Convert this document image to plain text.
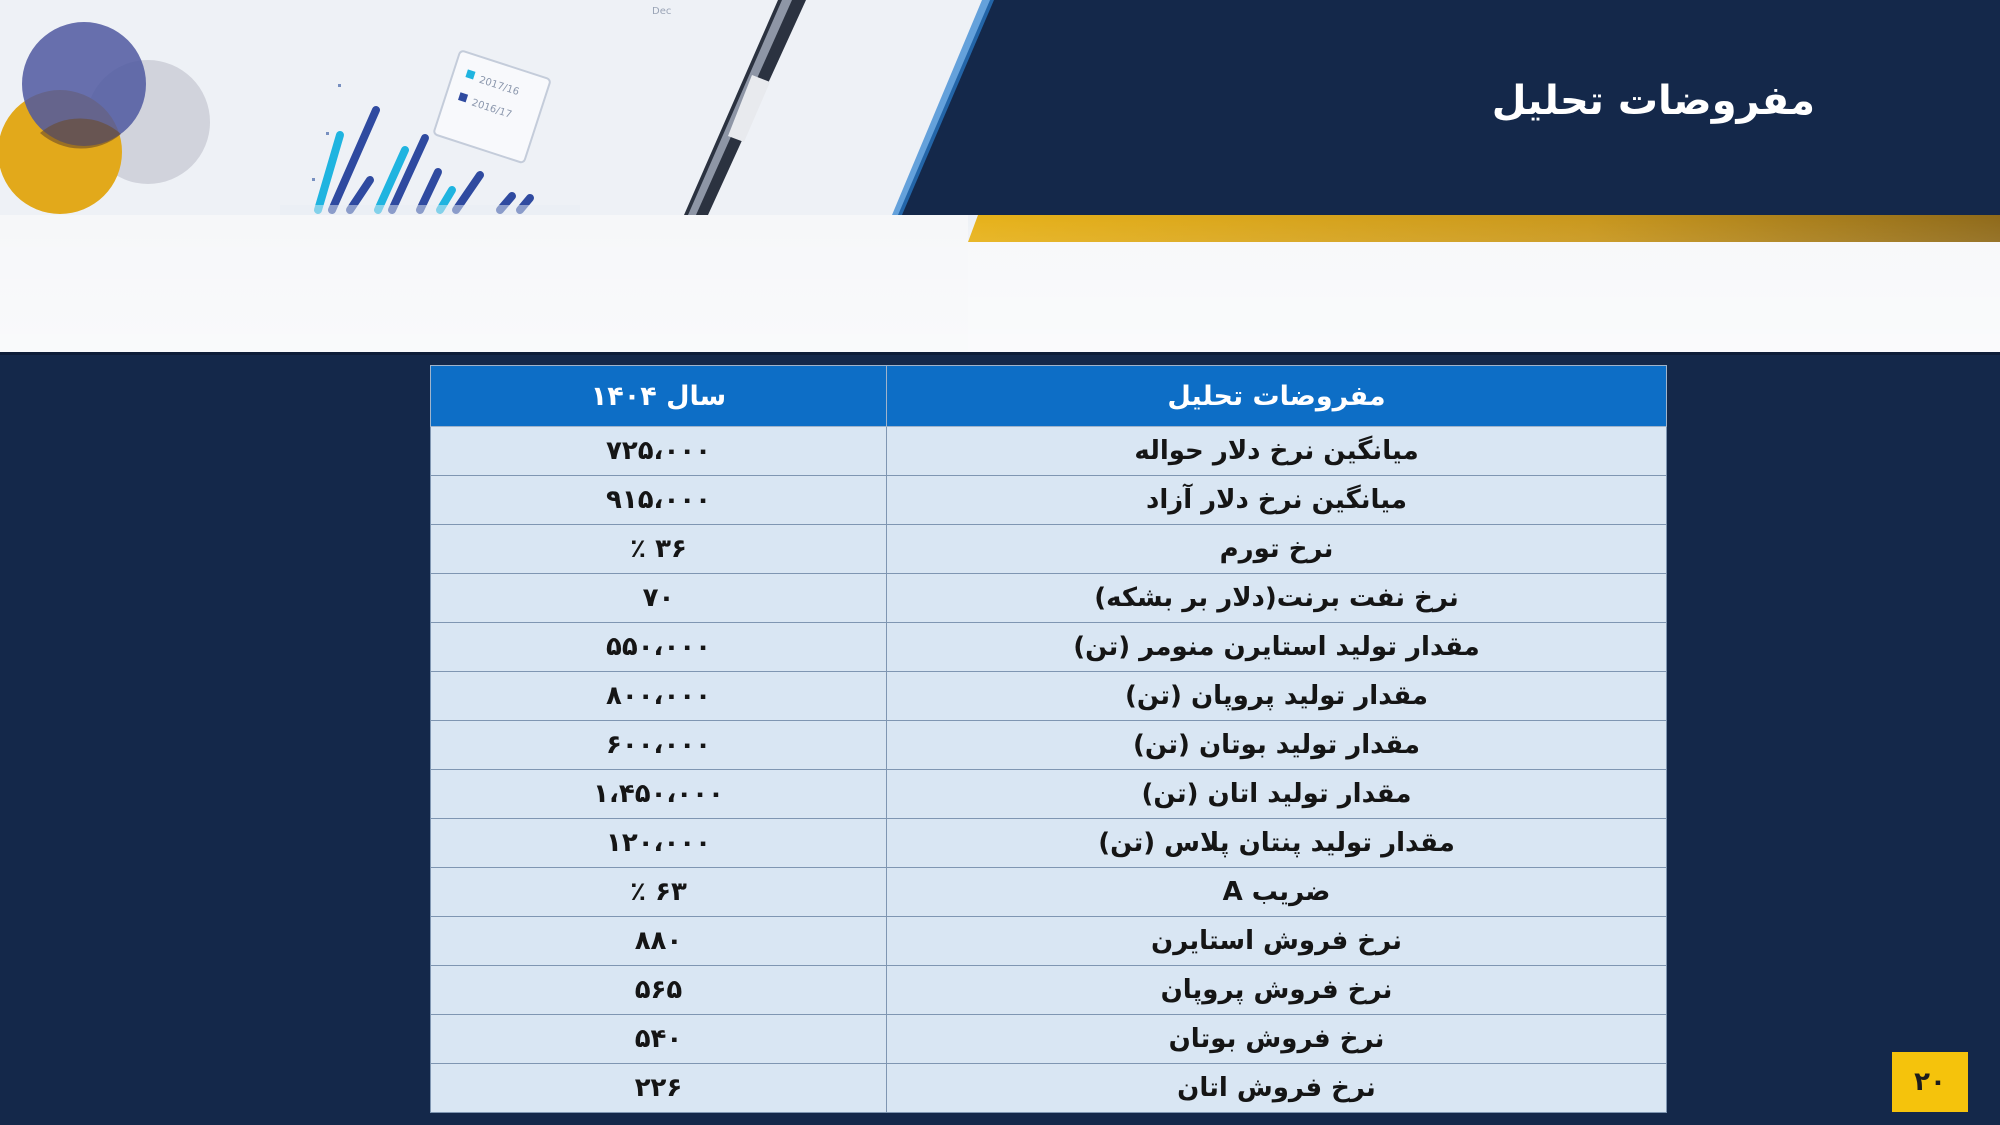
2017/16
2016/17
Dec
مفروضات تحلیل
مفروضات تحلیل	سال ۱۴۰۴
میانگین نرخ دلار حواله	۷۲۵،۰۰۰
میانگین نرخ دلار آزاد	۹۱۵،۰۰۰
نرخ تورم	۳۶ ٪
نرخ نفت برنت(دلار بر بشکه)	۷۰
مقدار تولید استایرن منومر (تن)	۵۵۰،۰۰۰
مقدار تولید پروپان (تن)	۸۰۰،۰۰۰
مقدار تولید بوتان (تن)	۶۰۰،۰۰۰
مقدار تولید اتان (تن)	۱،۴۵۰،۰۰۰
مقدار تولید پنتان پلاس (تن)	۱۲۰،۰۰۰
ضریب A	۶۳ ٪
نرخ فروش استایرن	۸۸۰
نرخ فروش پروپان	۵۶۵
نرخ فروش بوتان	۵۴۰
نرخ فروش اتان	۲۲۶	۲۰
